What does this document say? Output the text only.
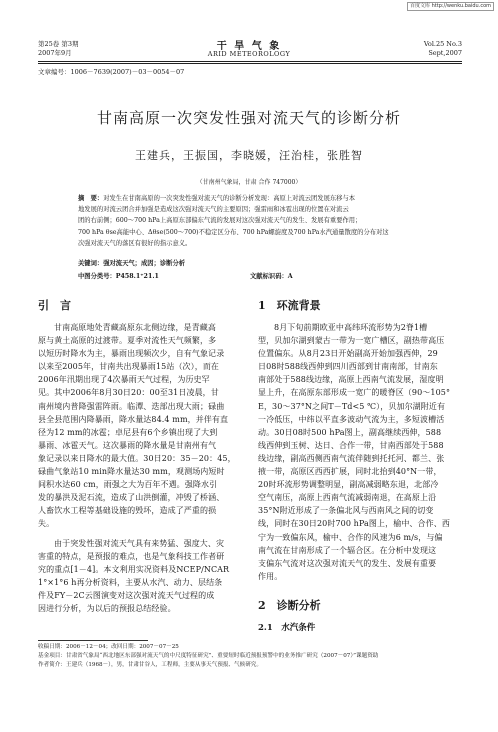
百度文库 http://wenku.baidu.com
第25卷 第3期
2007年9月
干 旱 气 象
ARID METEOROLOGY
Vol.25 No.3
Sept,2007
文章编号：1006－7639(2007)－03－0054－07
甘南高原一次突发性强对流天气的诊断分析
王建兵，王振国，李晓媛，汪治桂，张胜智
（甘南州气象局，甘肃 合作 747000）
摘　要：对发生在甘南高原的一次突发性强对流天气的诊断分析发现：高原上对流云团发展东移与本
地发展的对流云团合并加强是造成这次强对流天气的主要原因；强雷雨和冰雹出现的位置在对流云
团的右前侧；600～700 hPa上高原东部偏东气流的发展对这次强对流天气的发生、发展有重要作用；
700 hPa θse高能中心、Δθse(500～700)不稳定区分布、700 hPa螺旋度及700 hPa水汽通量散度的分布对这
次强对流天气的落区有很好的指示意义。
关键词：强对流天气；成因；诊断分析
中图分类号：P458.1⁺21.1	文献标识码：A
引　言
甘南高原地处青藏高原东北侧边缘，是青藏高
原与黄土高原的过渡带。夏季对流性天气频繁，多
以短历时降水为主，暴雨出现频次少，自有气象记录
以来至2005年，甘南共出现暴雨15站（次），而在
2006年汛期出现了4次暴雨天气过程，为历史罕
见。其中2006年8月30日20：00至31日凌晨，甘
南州境内普降强雷阵雨。临潭、迭部出现大雨；碌曲
县全县范围内降暴雨，降水量达84.4 mm，并伴有直
径为12 mm的冰雹；卓尼县有6个乡镇出现了大到
暴雨、冰雹天气。这次暴雨的降水量是甘南州有气
象记录以来日降水的最大值。30日20：35－20：45，
碌曲气象站10 min降水量达30 mm，观测场内短时
间积水达60 cm，雨强之大为百年不遇。强降水引
发的暴洪及泥石流，造成了山洪倒灌，冲毁了桥涵、
人畜饮水工程等基础设施的毁坏，造成了严重的损
失。
由于突发性强对流天气具有来势猛、强度大、灾
害重的特点，是预报的难点，也是气象科技工作者研
究的重点[1－4]。本文利用实况资料及NCEP/NCAR
1°×1°6 h再分析资料，主要从水汽、动力、层结条
件及FY－2C云图演变对这次强对流天气过程的成
因进行分析，为以后的预报总结经验。
1　环流背景
8月下旬前期欧亚中高纬环流形势为2脊1槽
型，贝加尔湖到蒙古一带为一宽广槽区，副热带高压
位置偏东。从8月23日开始副高开始加强西伸，29
日08时588线西伸到四川西部到甘南南部，甘南东
南部处于588线边缘，高原上西南气流发展，湿度明
显上升，在高原东部形成一宽广的暖脊区（90～105°
E，30～37°N之间T－Td<5 ℃），贝加尔湖附近有
一冷低压，中纬以平直多波动气流为主，多短波槽活
动。30日08时500 hPa图上，副高继续西伸，588
线西伸到玉树、达日、合作一带，甘南西部处于588
线边缘，副高西侧西南气流伴随到托托河、都兰、张
掖一带，高原区西西扩展，同时北抬到40°N一带，
20时环流形势调整明显，副高减弱略东退，北部冷
空气南压，高原上西南气流减弱南退，在高原上沿
35°N附近形成了一条偏北风与西南风之间的切变
线，同时在30日20时700 hPa图上，榆中、合作、西
宁为一致偏东风，榆中、合作的风速为6 m/s，与偏
南气流在甘南形成了一个辐合区。在分析中发现这
支偏东气流对这次强对流天气的发生、发展有重要
作用。
2　诊断分析
2.1　水汽条件
收稿日期：2006－12－04；改回日期：2007－07－25
基金项目：甘肃省气象局“西北地区东部强对流天气的中尺度特征研究”、重要短时临近预报预警中的业务推广研究（2007－07）”课题资助
作者简介：王建兵（1968－），男，甘肃甘谷人，工程师，主要从事天气预报、气候研究。
